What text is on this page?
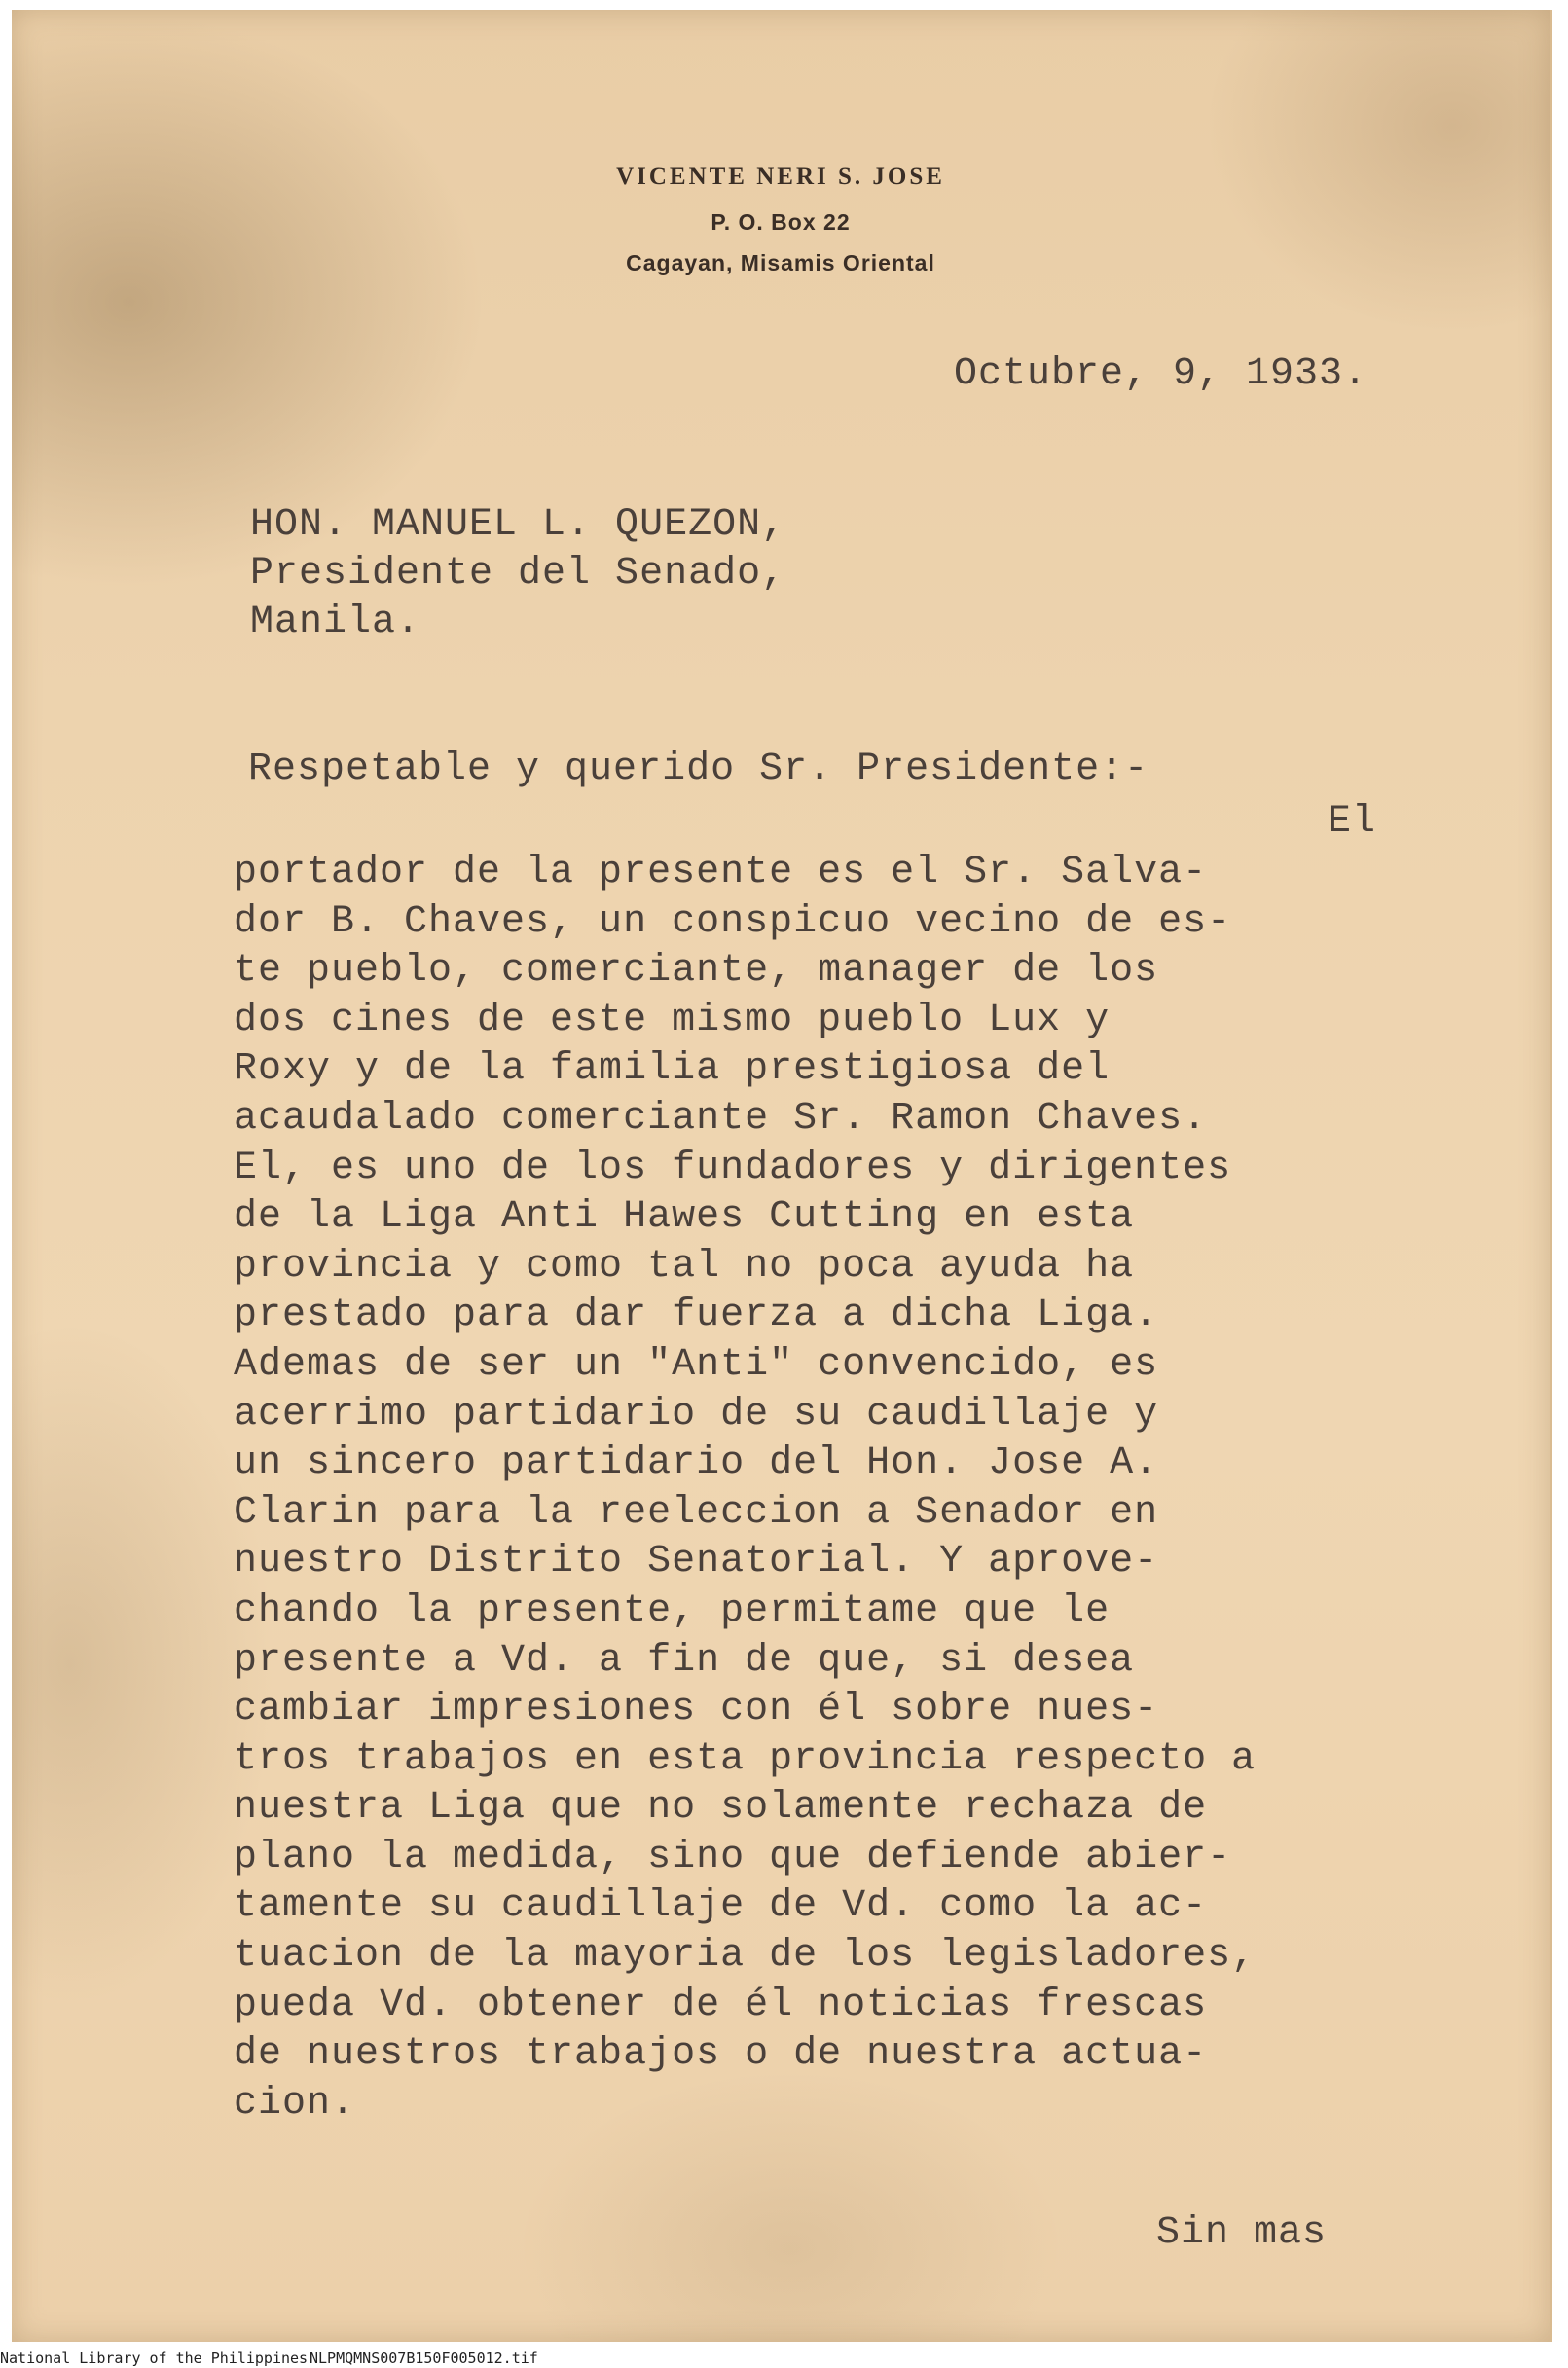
VICENTE NERI S. JOSE
P. O. Box 22
Cagayan, Misamis Oriental
Octubre, 9, 1933.
HON. MANUEL L. QUEZON,
Presidente del Senado,
Manila.
Respetable y querido Sr. Presidente:-
El
portador de la presente es el Sr. Salva-
dor B. Chaves, un conspicuo vecino de es-
te pueblo, comerciante, manager de los
dos cines de este mismo pueblo Lux y
Roxy y de la familia prestigiosa del
acaudalado comerciante Sr. Ramon Chaves.
El, es uno de los fundadores y dirigentes
de la Liga Anti Hawes Cutting en esta
provincia y como tal no poca ayuda ha
prestado para dar fuerza a dicha Liga.
Ademas de ser un "Anti" convencido, es
acerrimo partidario de su caudillaje y
un sincero partidario del Hon. Jose A.
Clarin para la reeleccion a Senador en
nuestro Distrito Senatorial. Y aprove-
chando la presente, permitame que le
presente a Vd. a fin de que, si desea
cambiar impresiones con él sobre nues-
tros trabajos en esta provincia respecto a
nuestra Liga que no solamente rechaza de
plano la medida, sino que defiende abier-
tamente su caudillaje de Vd. como la ac-
tuacion de la mayoria de los legisladores,
pueda Vd. obtener de él noticias frescas
de nuestros trabajos o de nuestra actua-
cion.
Sin mas
National Library of the Philippines NLPMQMNS007B150F005012.tif
